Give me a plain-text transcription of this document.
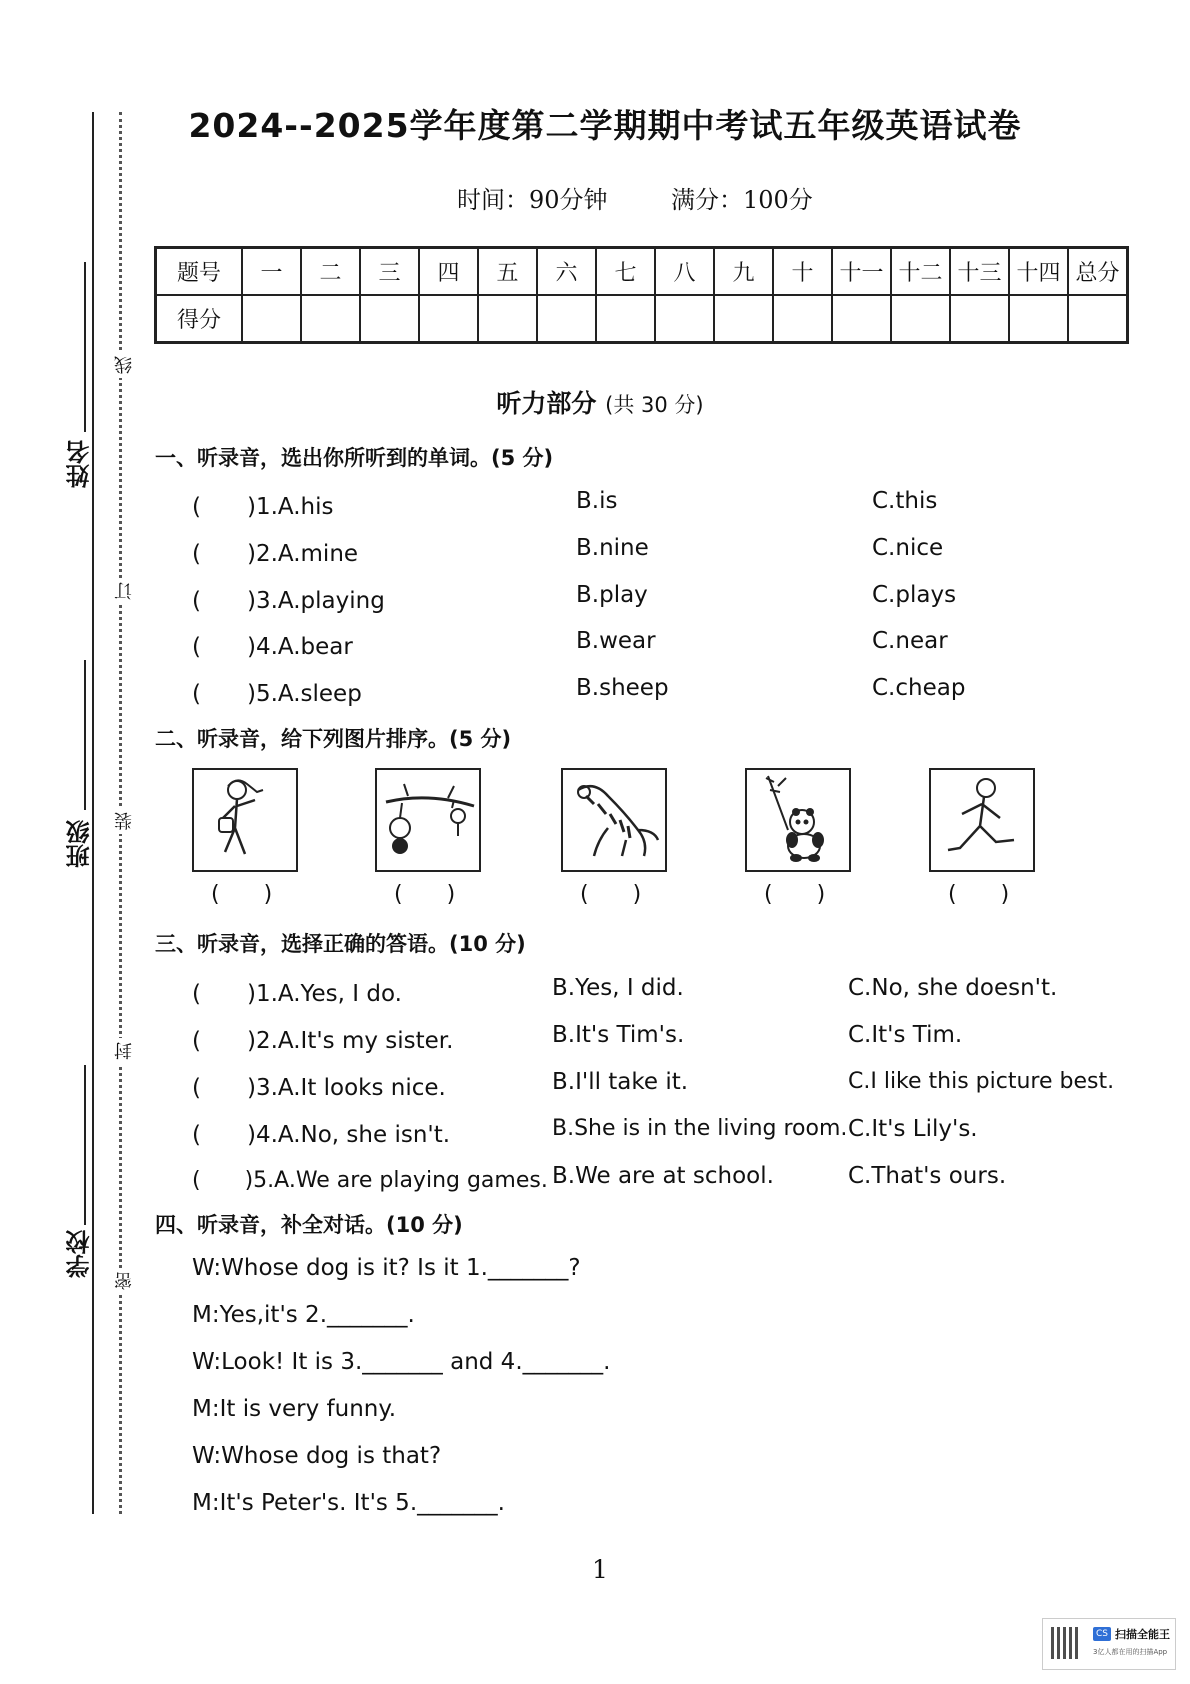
姓名
班级
学校
线
订
装
封
密
2024--2025学年度第二学期期中考试五年级英语试卷
时间：90分钟	满分：100分
题号	一	二	三	四	五	六	七	八	九	十	十一	十二	十三	十四	总分
得分															
听力部分 (共 30 分)
一、听录音，选出你所听到的单词。(5 分)
(　　)1.A.his	B.is	C.this
(　　)2.A.mine	B.nine	C.nice
(　　)3.A.playing	B.play	C.plays
(　　)4.A.bear	B.wear	C.near
(　　)5.A.sleep	B.sheep	C.cheap
二、听录音，给下列图片排序。(5 分)
(　　)	(　　)	(　　)	(　　)	(　　)
三、听录音，选择正确的答语。(10 分)
(　　)1.A.Yes, I do.	B.Yes, I did.	C.No, she doesn't.
(　　)2.A.It's my sister.	B.It's Tim's.	C.It's Tim.
(　　)3.A.It looks nice.	B.I'll take it.	C.I like this picture best.
(　　)4.A.No, she isn't.	B.She is in the living room. C.It's Lily's.
(　　)5.A.We are playing games. B.We are at school.	C.That's ours.
四、听录音，补全对话。(10 分)
W:Whose dog is it? Is it 1._______?
M:Yes,it's 2._______.
W:Look! It is 3._______ and 4._______.
M:It is very funny.
W:Whose dog is that?
M:It's Peter's. It's 5._______.
1
CS 扫描全能王
3亿人都在用的扫描App
